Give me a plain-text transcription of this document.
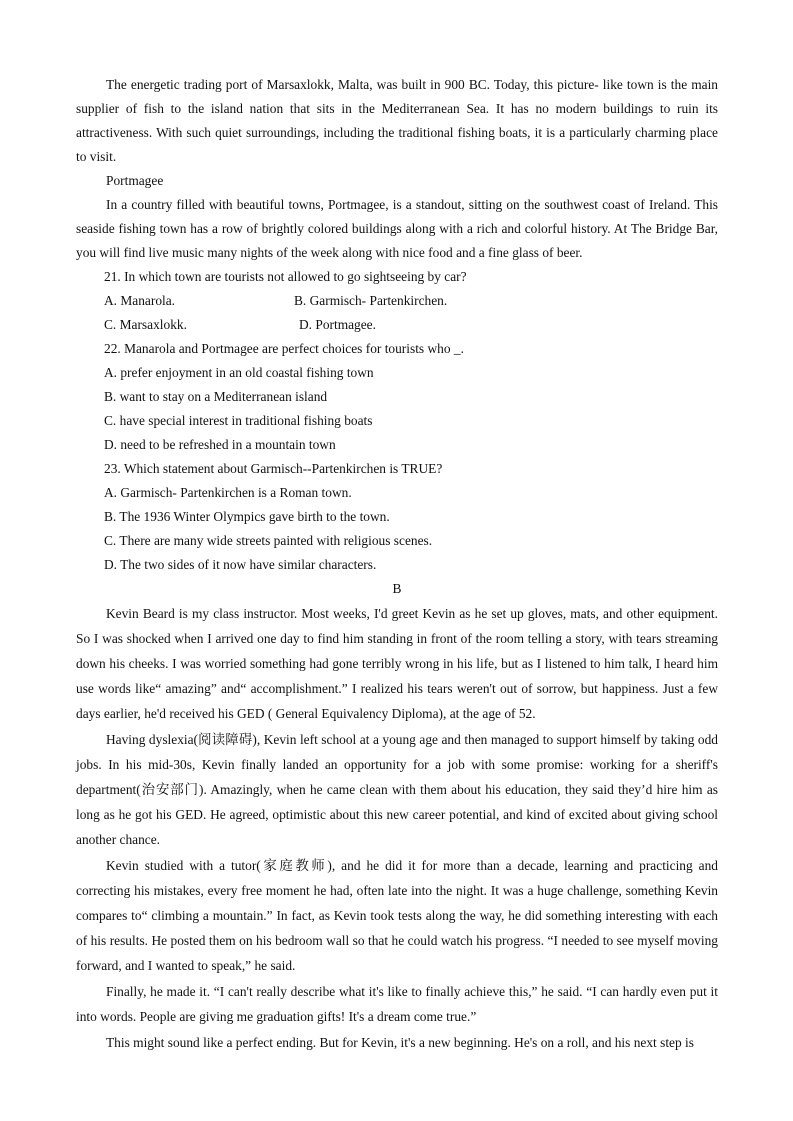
The energetic trading port of Marsaxlokk, Malta, was built in 900 BC. Today, this picture- like town is the main supplier of fish to the island nation that sits in the Mediterranean Sea. It has no modern buildings to ruin its attractiveness. With such quiet surroundings, including the traditional fishing boats, it is a particularly charming place to visit.

Portmagee

In a country filled with beautiful towns, Portmagee, is a standout, sitting on the southwest coast of Ireland. This seaside fishing town has a row of brightly colored buildings along with a rich and colorful history. At The Bridge Bar, you will find live music many nights of the week along with nice food and a fine glass of beer.

21. In which town are tourists not allowed to go sightseeing by car?

A. Manarola.	B. Garmisch- Partenkirchen.
C. Marsaxlokk.	D. Portmagee.

22. Manarola and Portmagee are perfect choices for tourists who _.

A. prefer enjoyment in an old coastal fishing town

B. want to stay on a Mediterranean island

C. have special interest in traditional fishing boats

D. need to be refreshed in a mountain town

23. Which statement about Garmisch--Partenkirchen is TRUE?

A. Garmisch- Partenkirchen is a Roman town.

B. The 1936 Winter Olympics gave birth to the town.

C. There are many wide streets painted with religious scenes.

D. The two sides of it now have similar characters.

B

Kevin Beard is my class instructor. Most weeks, I'd greet Kevin as he set up gloves, mats, and other equipment. So I was shocked when I arrived one day to find him standing in front of the room telling a story, with tears streaming down his cheeks. I was worried something had gone terribly wrong in his life, but as I listened to him talk, I heard him use words like“ amazing” and“ accomplishment.” I realized his tears weren't out of sorrow, but happiness. Just a few days earlier, he'd received his GED ( General Equivalency Diploma), at the age of 52.

Having dyslexia(阅读障碍), Kevin left school at a young age and then managed to support himself by taking odd jobs. In his mid-30s, Kevin finally landed an opportunity for a job with some promise: working for a sheriff's department(治安部门). Amazingly, when he came clean with them about his education, they said they’d hire him as long as he got his GED. He agreed, optimistic about this new career potential, and kind of excited about giving school another chance.

Kevin studied with a tutor(家庭教师), and he did it for more than a decade, learning and practicing and correcting his mistakes, every free moment he had, often late into the night. It was a huge challenge, something Kevin compares to“ climbing a mountain.” In fact, as Kevin took tests along the way, he did something interesting with each of his results. He posted them on his bedroom wall so that he could watch his progress. “I needed to see myself moving forward, and I wanted to speak,” he said.

Finally, he made it. “I can't really describe what it's like to finally achieve this,” he said. “I can hardly even put it into words. People are giving me graduation gifts! It's a dream come true.”

This might sound like a perfect ending. But for Kevin, it's a new beginning. He's on a roll, and his next step is
